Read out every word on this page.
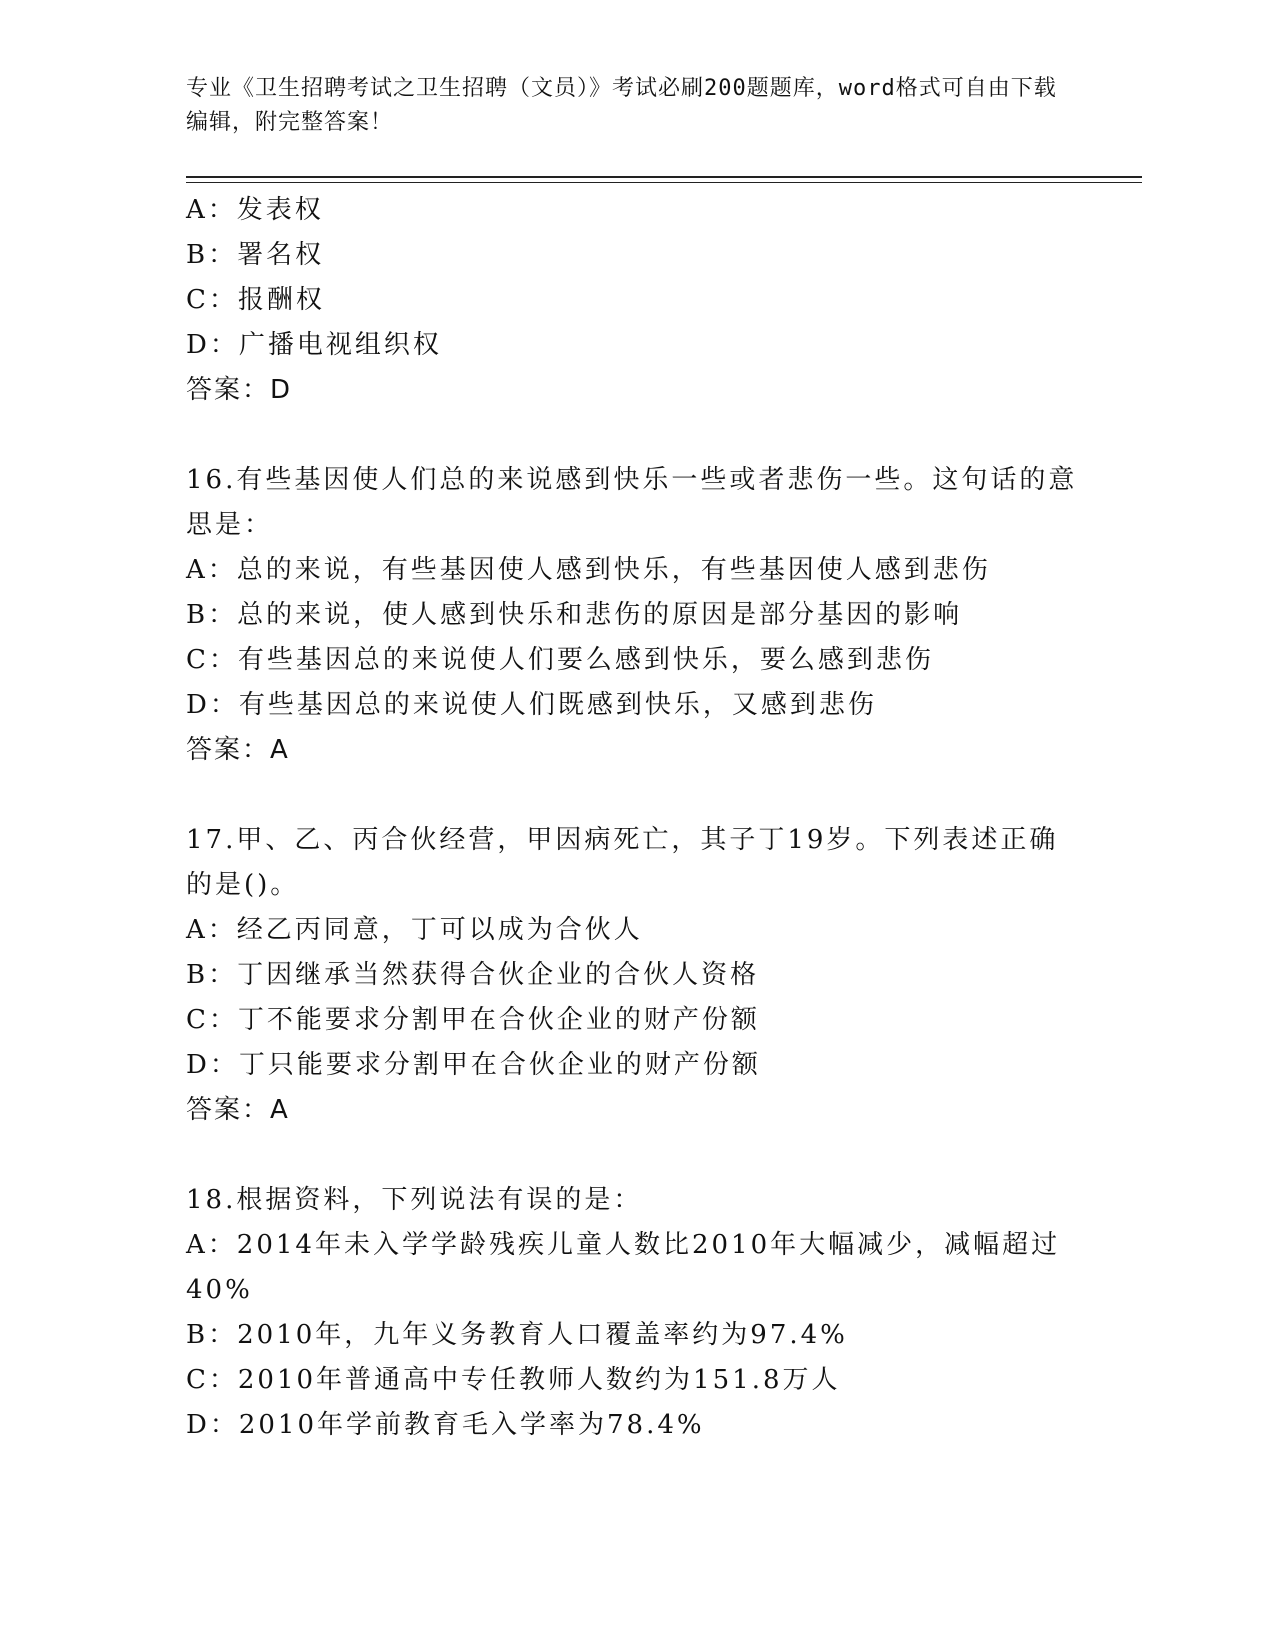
专业《卫生招聘考试之卫生招聘（文员）》考试必刷200题题库，word格式可自由下载编辑，附完整答案！
A：发表权
B：署名权
C：报酬权
D：广播电视组织权
答案：D
16.有些基因使人们总的来说感到快乐一些或者悲伤一些。这句话的意思是：
A：总的来说，有些基因使人感到快乐，有些基因使人感到悲伤
B：总的来说，使人感到快乐和悲伤的原因是部分基因的影响
C：有些基因总的来说使人们要么感到快乐，要么感到悲伤
D：有些基因总的来说使人们既感到快乐，又感到悲伤
答案：A
17.甲、乙、丙合伙经营，甲因病死亡，其子丁19岁。下列表述正确的是()。
A：经乙丙同意，丁可以成为合伙人
B：丁因继承当然获得合伙企业的合伙人资格
C：丁不能要求分割甲在合伙企业的财产份额
D：丁只能要求分割甲在合伙企业的财产份额
答案：A
18.根据资料，下列说法有误的是：
A：2014年未入学学龄残疾儿童人数比2010年大幅减少，减幅超过40%
B：2010年，九年义务教育人口覆盖率约为97.4%
C：2010年普通高中专任教师人数约为151.8万人
D：2010年学前教育毛入学率为78.4%
